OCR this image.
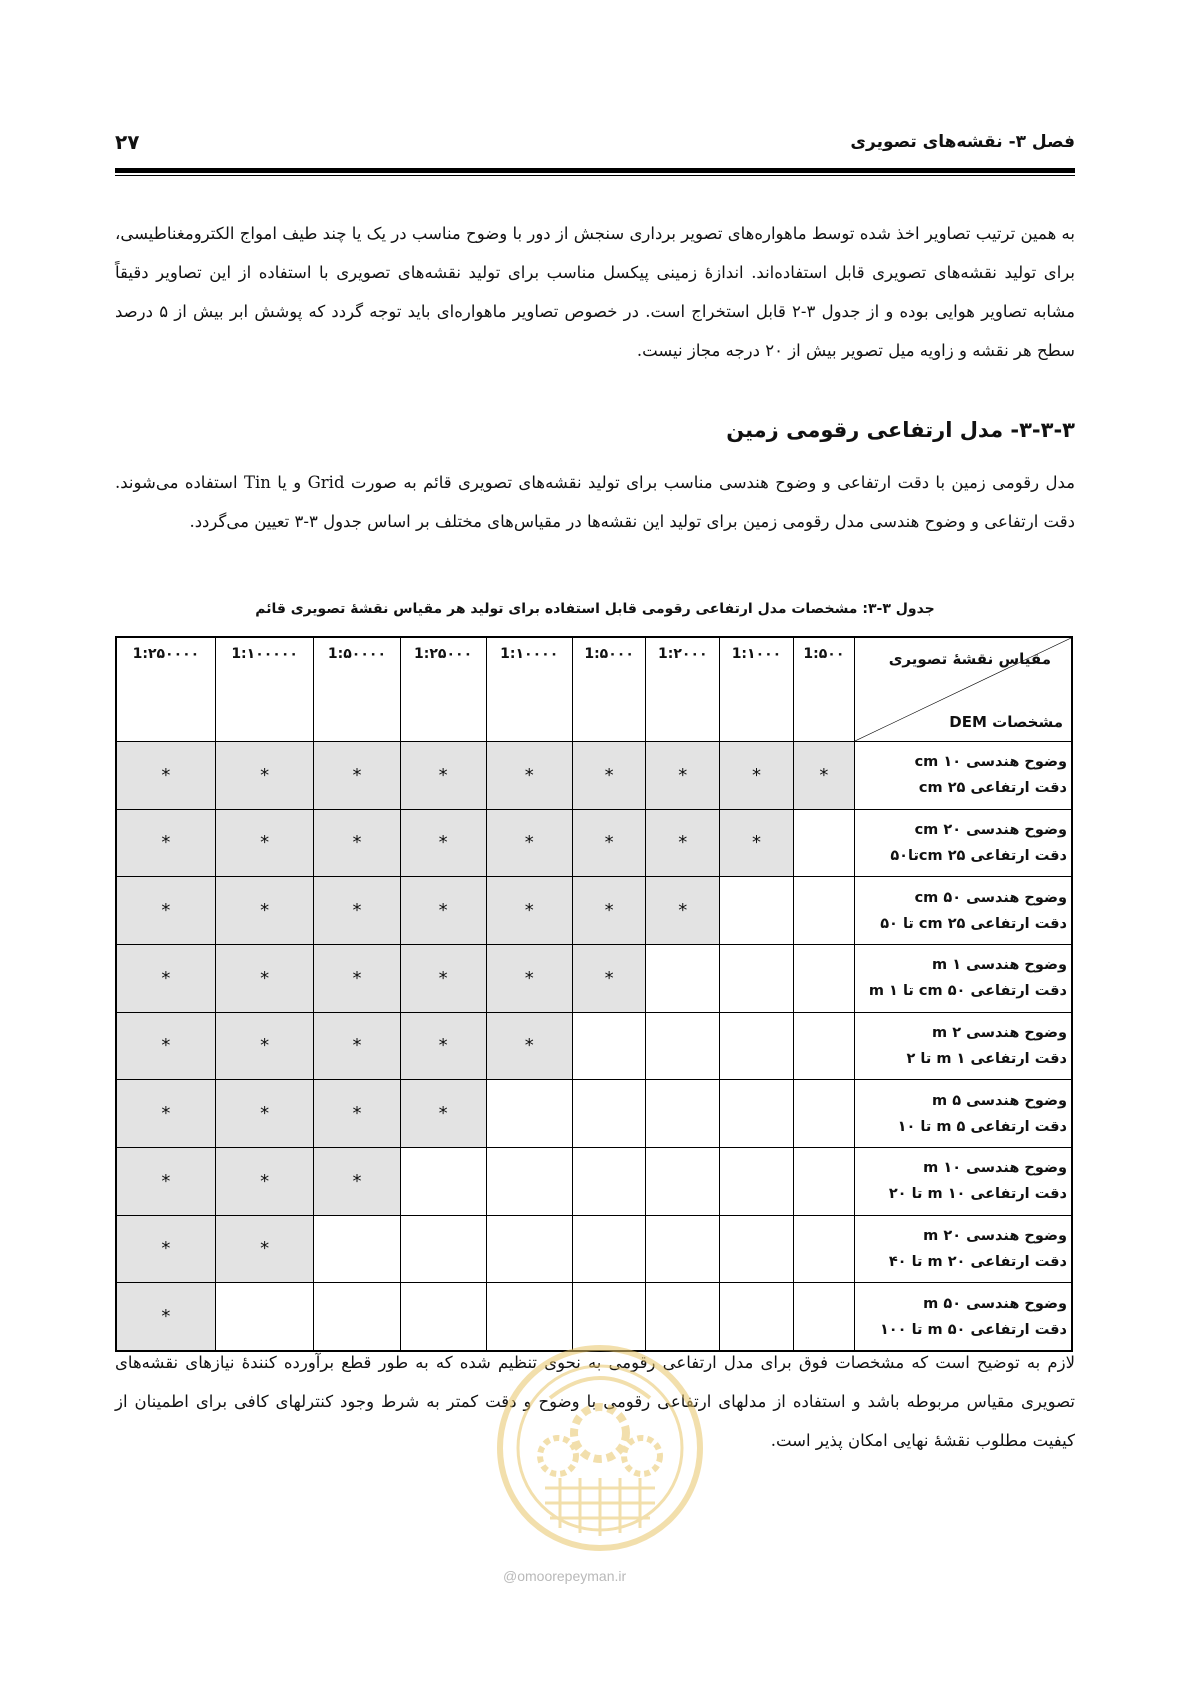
فصل ۳- نقشه‌های تصویری
۲۷
به همین ترتیب تصاویر اخذ شده توسط ماهواره‌های تصویر برداری سنجش از دور با وضوح مناسب در یک یا چند طیف امواج الکترومغناطیسی، برای تولید نقشه‌های تصویری قابل استفاده‌اند. اندازهٔ زمینی پیکسل مناسب برای تولید نقشه‌های تصویری با استفاده از این تصاویر دقیقاً مشابه تصاویر هوایی بوده و از جدول ۳-۲ قابل استخراج است. در خصوص تصاویر ماهواره‌ای باید توجه گردد که پوشش ابر بیش از ۵ درصد سطح هر نقشه و زاویه میل تصویر بیش از ۲۰ درجه مجاز نیست.
۳-۳-۳- مدل ارتفاعی رقومی زمین
مدل رقومی زمین با دقت ارتفاعی و وضوح هندسی مناسب برای تولید نقشه‌های تصویری قائم به صورت Grid و یا Tin استفاده می‌شوند. دقت ارتفاعی و وضوح هندسی مدل رقومی زمین برای تولید این نقشه‌ها در مقیاس‌های مختلف بر اساس جدول ۳-۳ تعیین می‌گردد.
جدول ۳-۳: مشخصات مدل ارتفاعی رقومی قابل استفاده برای تولید هر مقیاس نقشهٔ تصویری قائم
مقیاس نقشهٔ تصویری
مشخصات DEM	1:۵۰۰	1:۱۰۰۰	1:۲۰۰۰	1:۵۰۰۰	1:۱۰۰۰۰	1:۲۵۰۰۰	1:۵۰۰۰۰	1:۱۰۰۰۰۰	1:۲۵۰۰۰۰

وضوح هندسی ۱۰ cm
دقت ارتفاعی ۲۵ cm	*	*	*	*	*	*	*	*	*

وضوح هندسی ۲۰ cm
دقت ارتفاعی ۲۵ cmتا۵۰		*	*	*	*	*	*	*	*

وضوح هندسی ۵۰ cm
دقت ارتفاعی ۲۵ cm تا ۵۰			*	*	*	*	*	*	*

وضوح هندسی ۱ m
دقت ارتفاعی ۵۰ cm تا ۱ m				*	*	*	*	*	*

وضوح هندسی ۲ m
دقت ارتفاعی ۱ m تا ۲					*	*	*	*	*

وضوح هندسی ۵ m
دقت ارتفاعی ۵ m تا ۱۰						*	*	*	*

وضوح هندسی ۱۰ m
دقت ارتفاعی ۱۰ m تا ۲۰							*	*	*

وضوح هندسی ۲۰ m
دقت ارتفاعی ۲۰ m تا ۴۰								*	*

وضوح هندسی ۵۰ m
دقت ارتفاعی ۵۰ m تا ۱۰۰									*
لازم به توضیح است که مشخصات فوق برای مدل ارتفاعی رقومی به نحوی تنظیم شده که به طور قطع برآورده کنندهٔ نیازهای نقشه‌های تصویری مقیاس مربوطه باشد و استفاده از مدلهای ارتفاعی رقومی با وضوح و دقت کمتر به شرط وجود کنترلهای کافی برای اطمینان از کیفیت مطلوب نقشهٔ نهایی امکان پذیر است.
@omoorepeyman.ir
